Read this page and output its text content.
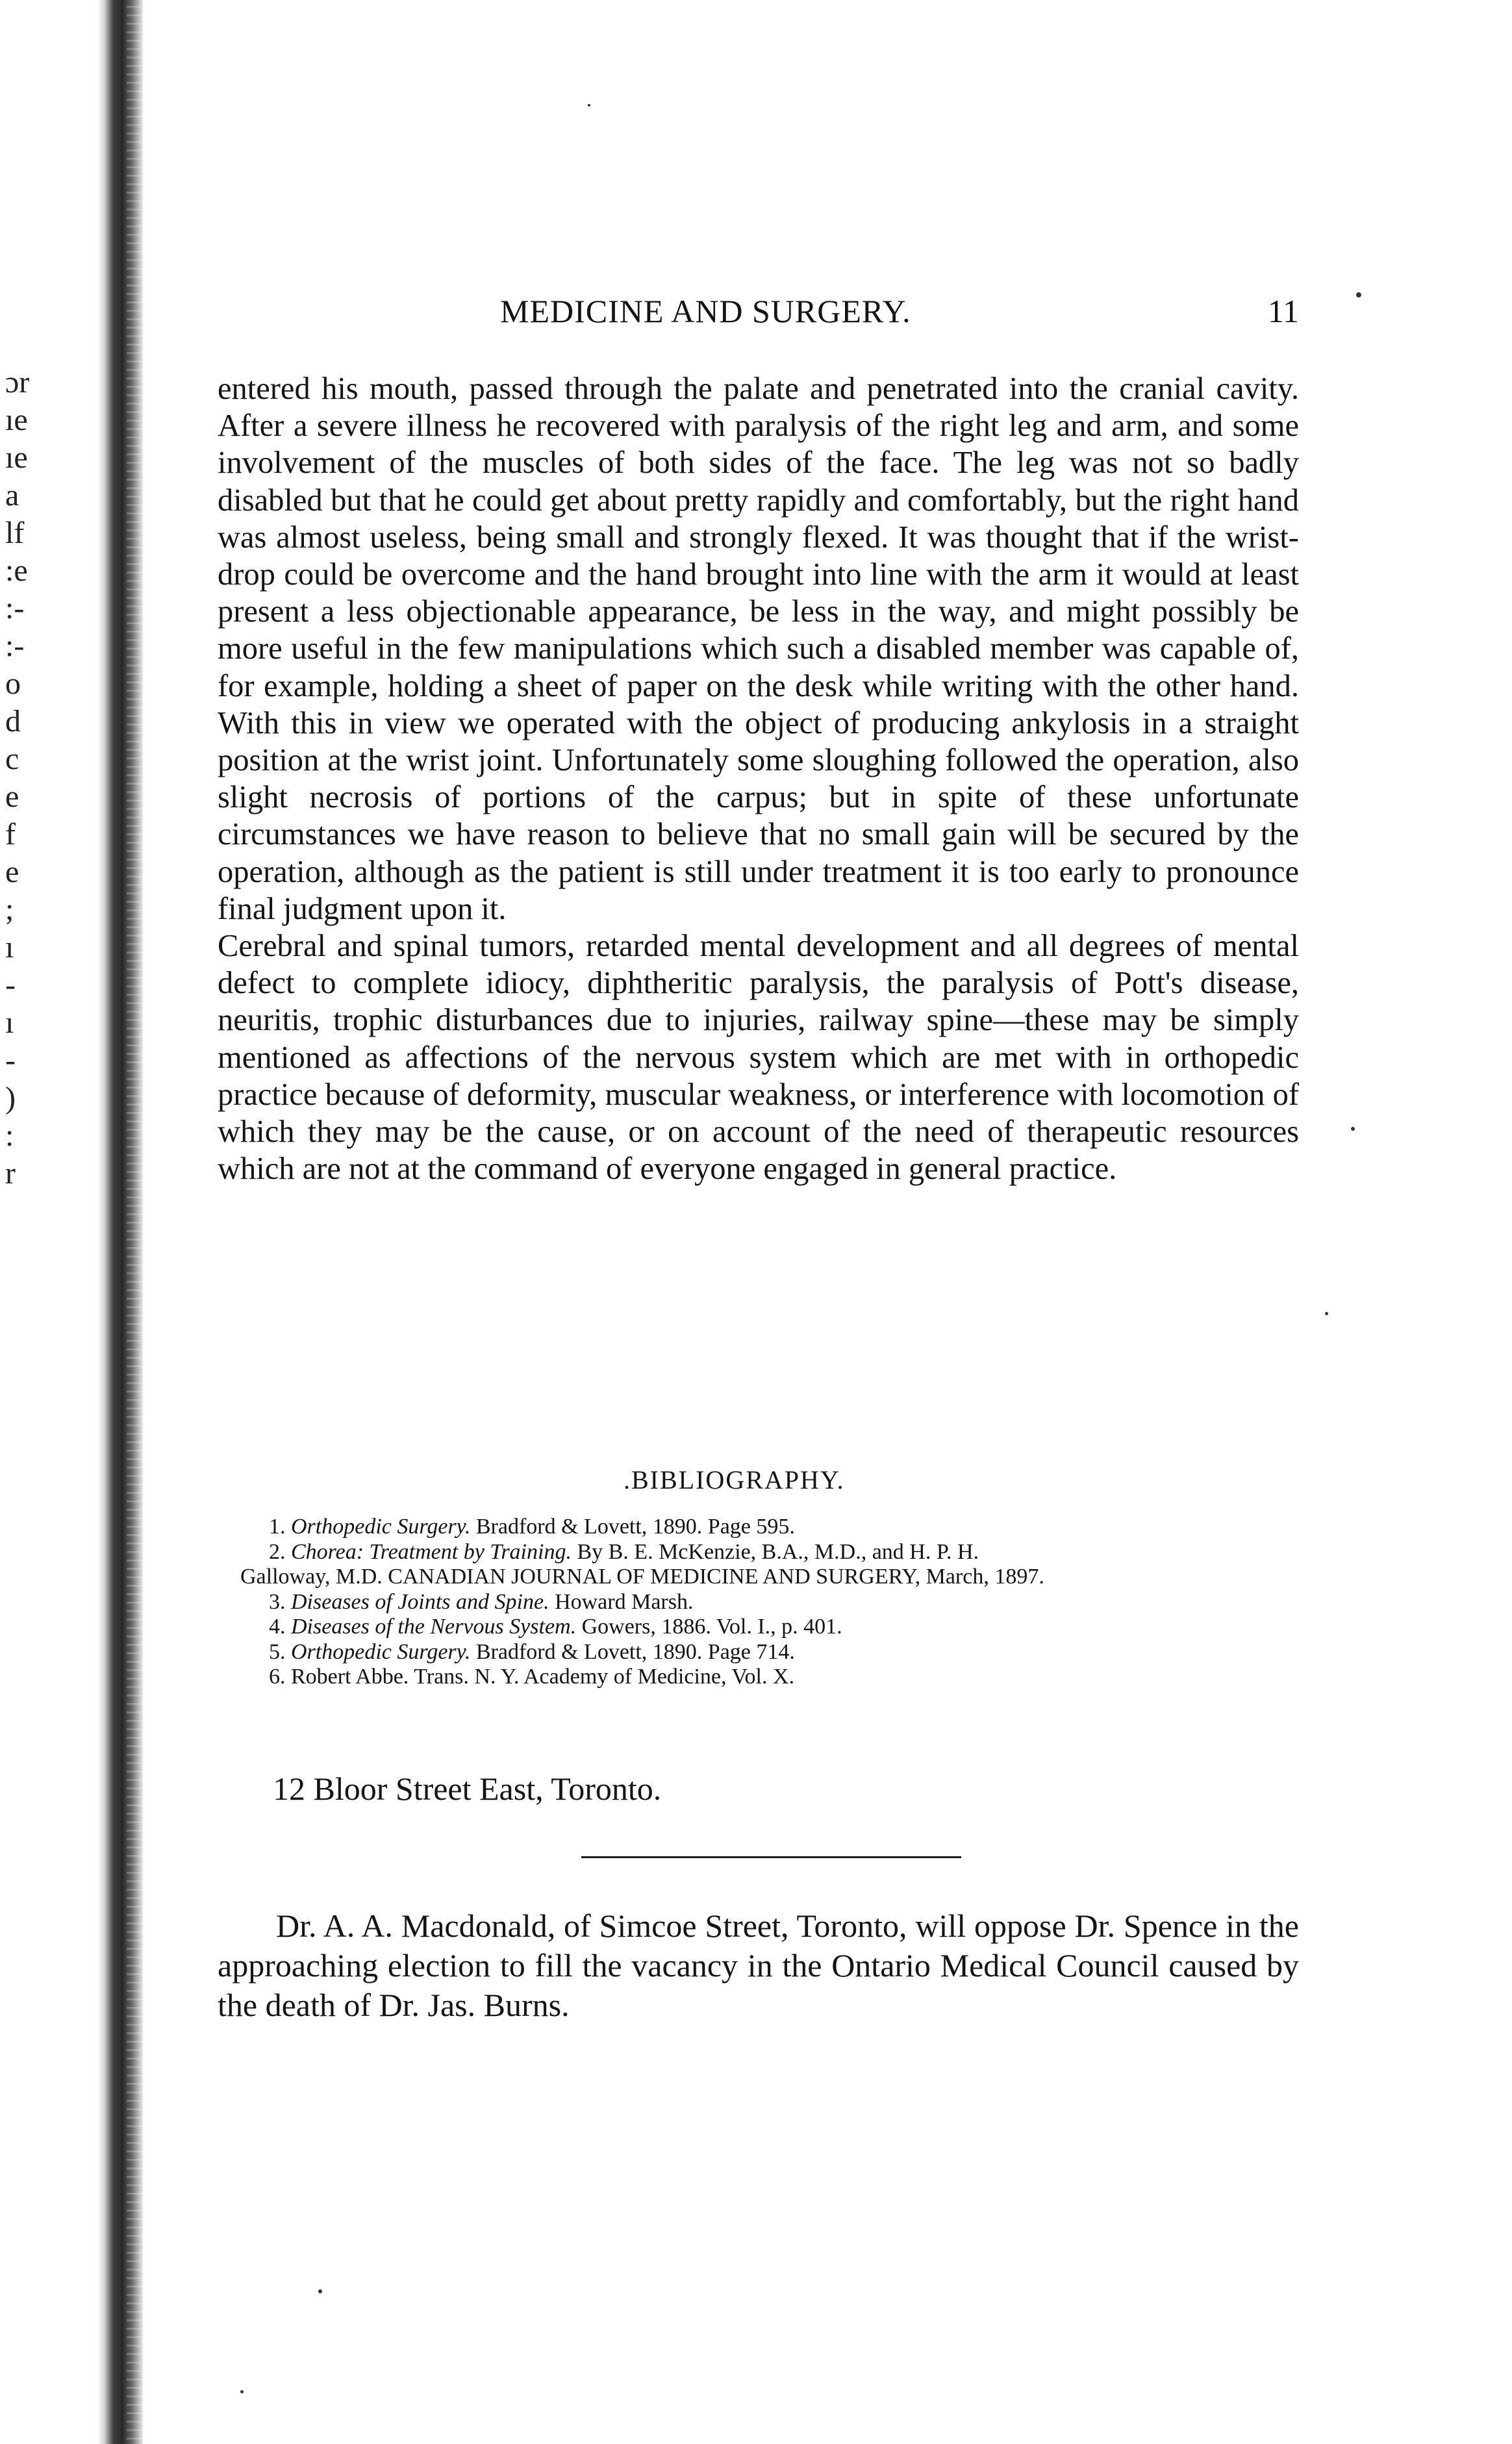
ɔr
ıe
ıe
a
lf
:e
:-
:-
o
d
c
e
f
e
;
ı
-
ı
-
)
:
r
MEDICINE AND SURGERY.	11

entered his mouth, passed through the palate and penetrated into the cranial cavity. After a severe illness he recovered with paralysis of the right leg and arm, and some involvement of the muscles of both sides of the face. The leg was not so badly disabled but that he could get about pretty rapidly and comfortably, but the right hand was almost useless, being small and strongly flexed. It was thought that if the wrist-drop could be overcome and the hand brought into line with the arm it would at least present a less objectionable appearance, be less in the way, and might possibly be more useful in the few manipulations which such a disabled member was capable of, for example, holding a sheet of paper on the desk while writing with the other hand. With this in view we operated with the object of producing ankylosis in a straight position at the wrist joint. Unfortunately some sloughing followed the operation, also slight necrosis of portions of the carpus; but in spite of these unfortunate circumstances we have reason to believe that no small gain will be secured by the operation, although as the patient is still under treatment it is too early to pronounce final judgment upon it.

Cerebral and spinal tumors, retarded mental development and all degrees of mental defect to complete idiocy, diphtheritic paralysis, the paralysis of Pott's disease, neuritis, trophic disturbances due to injuries, railway spine—these may be simply mentioned as affections of the nervous system which are met with in orthopedic practice because of deformity, muscular weakness, or interference with locomotion of which they may be the cause, or on account of the need of therapeutic resources which are not at the command of everyone engaged in general practice.

.BIBLIOGRAPHY.
1. Orthopedic Surgery. Bradford & Lovett, 1890. Page 595.
2. Chorea: Treatment by Training. By B. E. McKenzie, B.A., M.D., and H. P. H.
Galloway, M.D. CANADIAN JOURNAL OF MEDICINE AND SURGERY, March, 1897.
3. Diseases of Joints and Spine. Howard Marsh.
4. Diseases of the Nervous System. Gowers, 1886. Vol. I., p. 401.
5. Orthopedic Surgery. Bradford & Lovett, 1890. Page 714.
6. Robert Abbe. Trans. N. Y. Academy of Medicine, Vol. X.
12 Bloor Street East, Toronto.

Dr. A. A. Macdonald, of Simcoe Street, Toronto, will oppose Dr. Spence in the approaching election to fill the vacancy in the Ontario Medical Council caused by the death of Dr. Jas. Burns.
